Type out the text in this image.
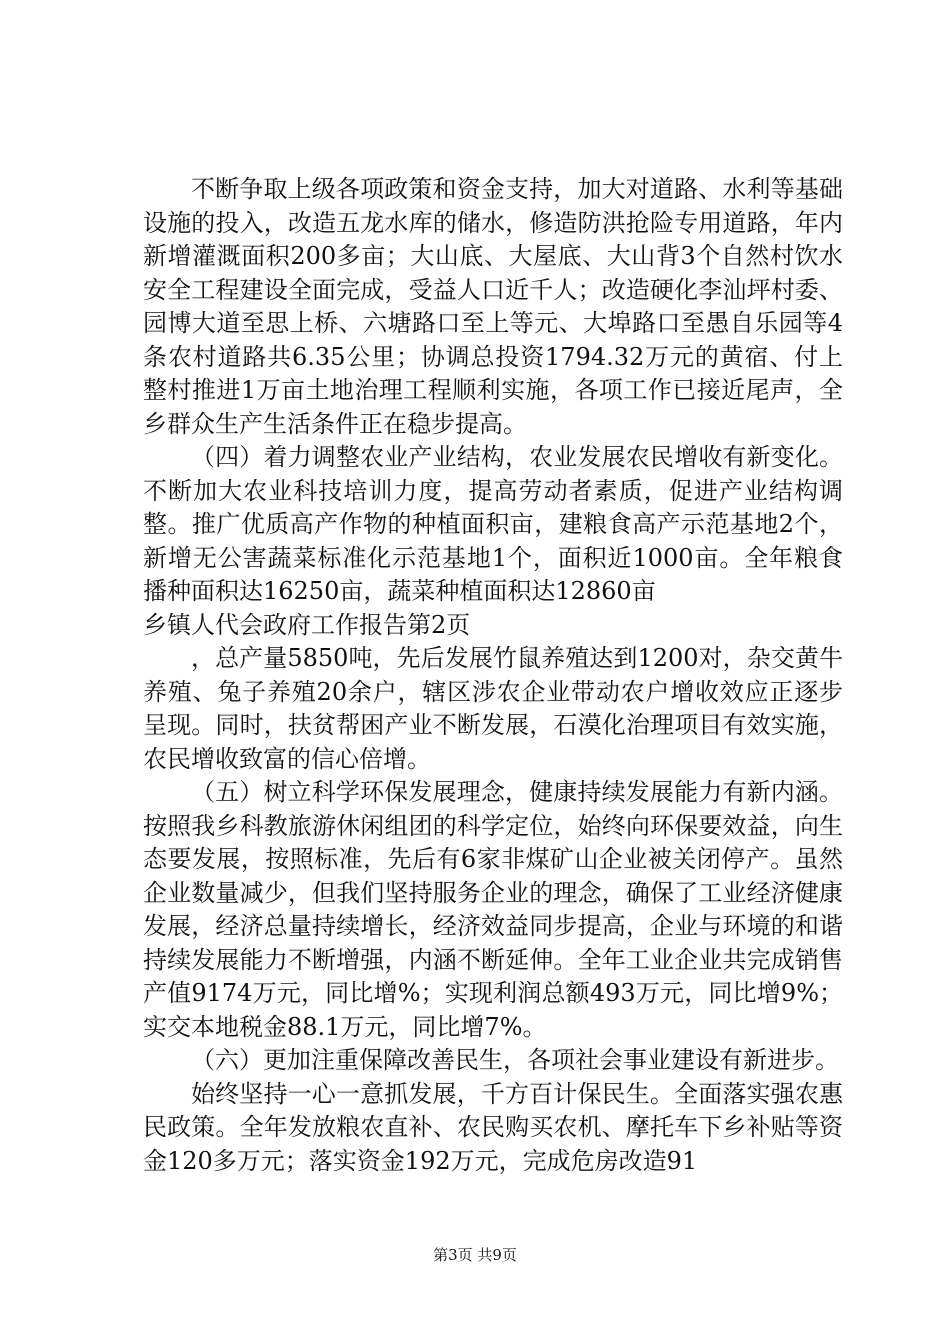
不断争取上级各项政策和资金支持，加大对道路、水利等基础设施的投入，改造五龙水库的储水，修造防洪抢险专用道路，年内新增灌溉面积200多亩；大山底、大屋底、大山背3个自然村饮水安全工程建设全面完成，受益人口近千人；改造硬化李汕坪村委、园博大道至思上桥、六塘路口至上等元、大埠路口至愚自乐园等4条农村道路共6.35公里；协调总投资1794.32万元的黄宿、付上整村推进1万亩土地治理工程顺利实施，各项工作已接近尾声，全乡群众生产生活条件正在稳步提高。

（四）着力调整农业产业结构，农业发展农民增收有新变化。不断加大农业科技培训力度，提高劳动者素质，促进产业结构调整。推广优质高产作物的种植面积亩，建粮食高产示范基地2个，新增无公害蔬菜标准化示范基地1个，面积近1000亩。全年粮食播种面积达16250亩，蔬菜种植面积达12860亩

乡镇人代会政府工作报告第2页

，总产量5850吨，先后发展竹鼠养殖达到1200对，杂交黄牛养殖、兔子养殖20余户，辖区涉农企业带动农户增收效应正逐步呈现。同时，扶贫帮困产业不断发展，石漠化治理项目有效实施，农民增收致富的信心倍增。

（五）树立科学环保发展理念，健康持续发展能力有新内涵。按照我乡科教旅游休闲组团的科学定位，始终向环保要效益，向生态要发展，按照标准，先后有6家非煤矿山企业被关闭停产。虽然企业数量减少，但我们坚持服务企业的理念，确保了工业经济健康发展，经济总量持续增长，经济效益同步提高，企业与环境的和谐持续发展能力不断增强，内涵不断延伸。全年工业企业共完成销售产值9174万元，同比增%；实现利润总额493万元，同比增9%；实交本地税金88.1万元，同比增7%。

（六）更加注重保障改善民生，各项社会事业建设有新进步。

始终坚持一心一意抓发展，千方百计保民生。全面落实强农惠民政策。全年发放粮农直补、农民购买农机、摩托车下乡补贴等资金120多万元；落实资金192万元，完成危房改造91

第3页 共9页
